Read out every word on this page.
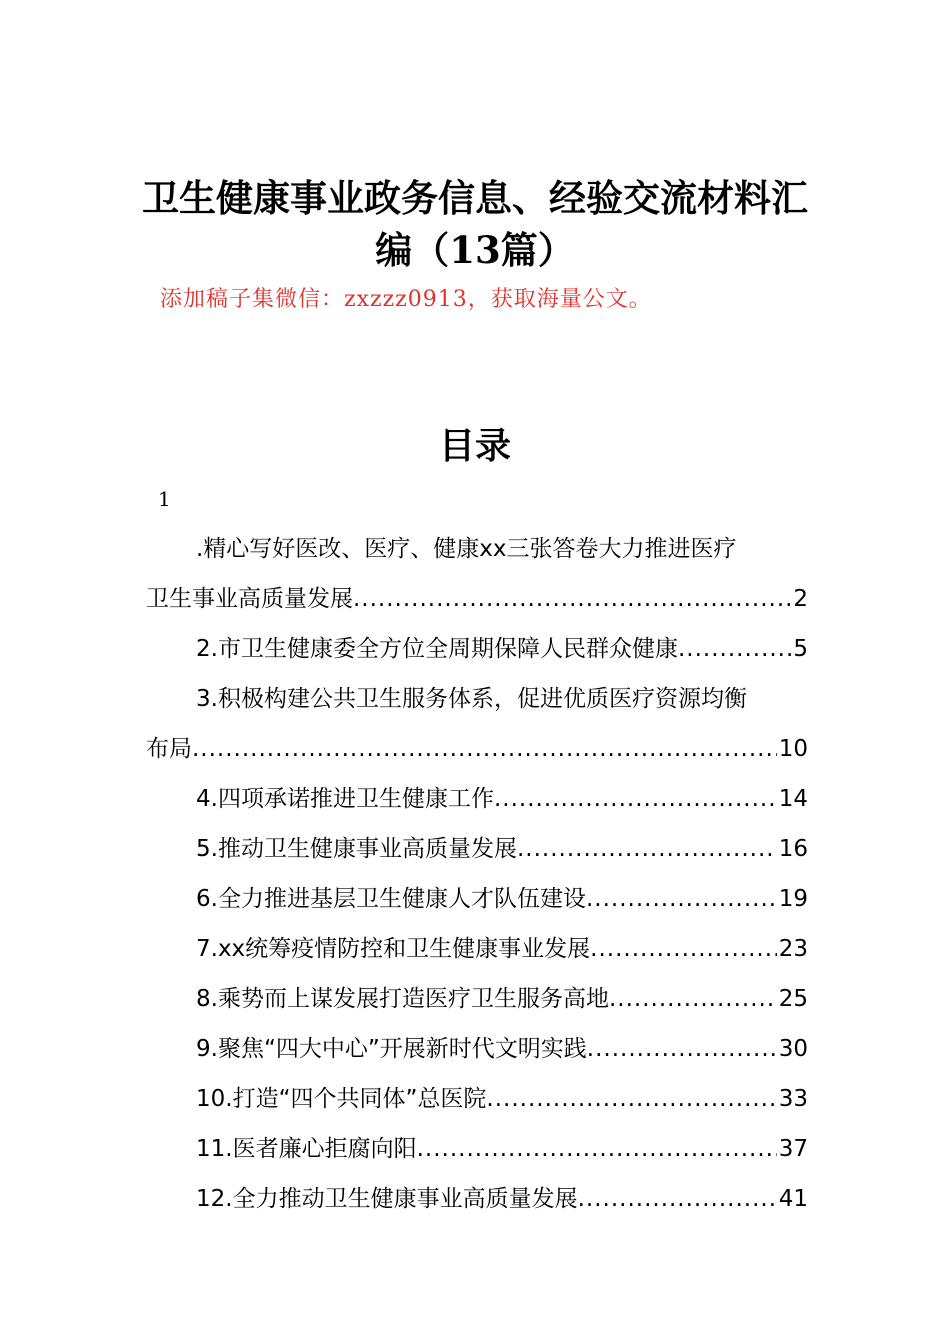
卫生健康事业政务信息、经验交流材料汇
编（13篇）
添加稿子集微信：zxzzz0913，获取海量公文。
目录
1
.精心写好医改、医疗、健康xx三张答卷大力推进医疗
卫生事业高质量发展 .....	2
2.市卫生健康委全方位全周期保障人民群众健康 .....	5
3.积极构建公共卫生服务体系，促进优质医疗资源均衡
布局 .....	10
4.四项承诺推进卫生健康工作 .....	14
5.推动卫生健康事业高质量发展 .....	16
6.全力推进基层卫生健康人才队伍建设 .....	19
7.xx统筹疫情防控和卫生健康事业发展 .....	23
8.乘势而上谋发展打造医疗卫生服务高地 .....	25
9.聚焦“四大中心”开展新时代文明实践 .....	30
10.打造“四个共同体”总医院 .....	33
11.医者廉心拒腐向阳 .....	37
12.全力推动卫生健康事业高质量发展 .....	41
